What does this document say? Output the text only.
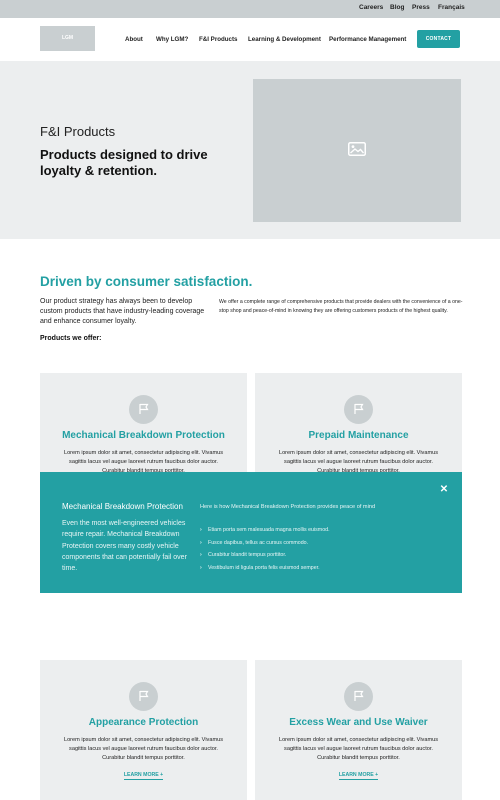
Careers Blog Press Français
LGM	About Why LGM? F&I Products Learning & Development Performance Management	CONTACT
F&I Products
Products designed to drive loyalty & retention.
Driven by consumer satisfaction.
Our product strategy has always been to develop custom products that have industry-leading coverage and enhance consumer loyalty.
We offer a complete range of comprehensive products that provide dealers with the convenience of a one-stop shop and peace-of-mind in knowing they are offering customers products of the highest quality.
Products we offer:
Mechanical Breakdown Protection
Lorem ipsum dolor sit amet, consectetur adipiscing elit. Vivamus sagittis lacus vel augue laoreet rutrum faucibus dolor auctor. Curabitur blandit tempus porttitor.
Prepaid Maintenance
Lorem ipsum dolor sit amet, consectetur adipiscing elit. Vivamus sagittis lacus vel augue laoreet rutrum faucibus dolor auctor. Curabitur blandit tempus porttitor.
Mechanical Breakdown Protection
Even the most well-engineered vehicles require repair. Mechanical Breakdown Protection covers many costly vehicle components that can potentially fail over time.
Here is how Mechanical Breakdown Protection provides peace of mind
› Etiam porta sem malesuada magna mollis euismod.
› Fusce dapibus, tellus ac cursus commodo.
› Curabitur blandit tempus porttitor.
› Vestibulum id ligula porta felis euismod semper.
✕
Appearance Protection
Lorem ipsum dolor sit amet, consectetur adipiscing elit. Vivamus sagittis lacus vel augue laoreet rutrum faucibus dolor auctor. Curabitur blandit tempus porttitor.
LEARN MORE +
Excess Wear and Use Waiver
Lorem ipsum dolor sit amet, consectetur adipiscing elit. Vivamus sagittis lacus vel augue laoreet rutrum faucibus dolor auctor. Curabitur blandit tempus porttitor.
LEARN MORE +
